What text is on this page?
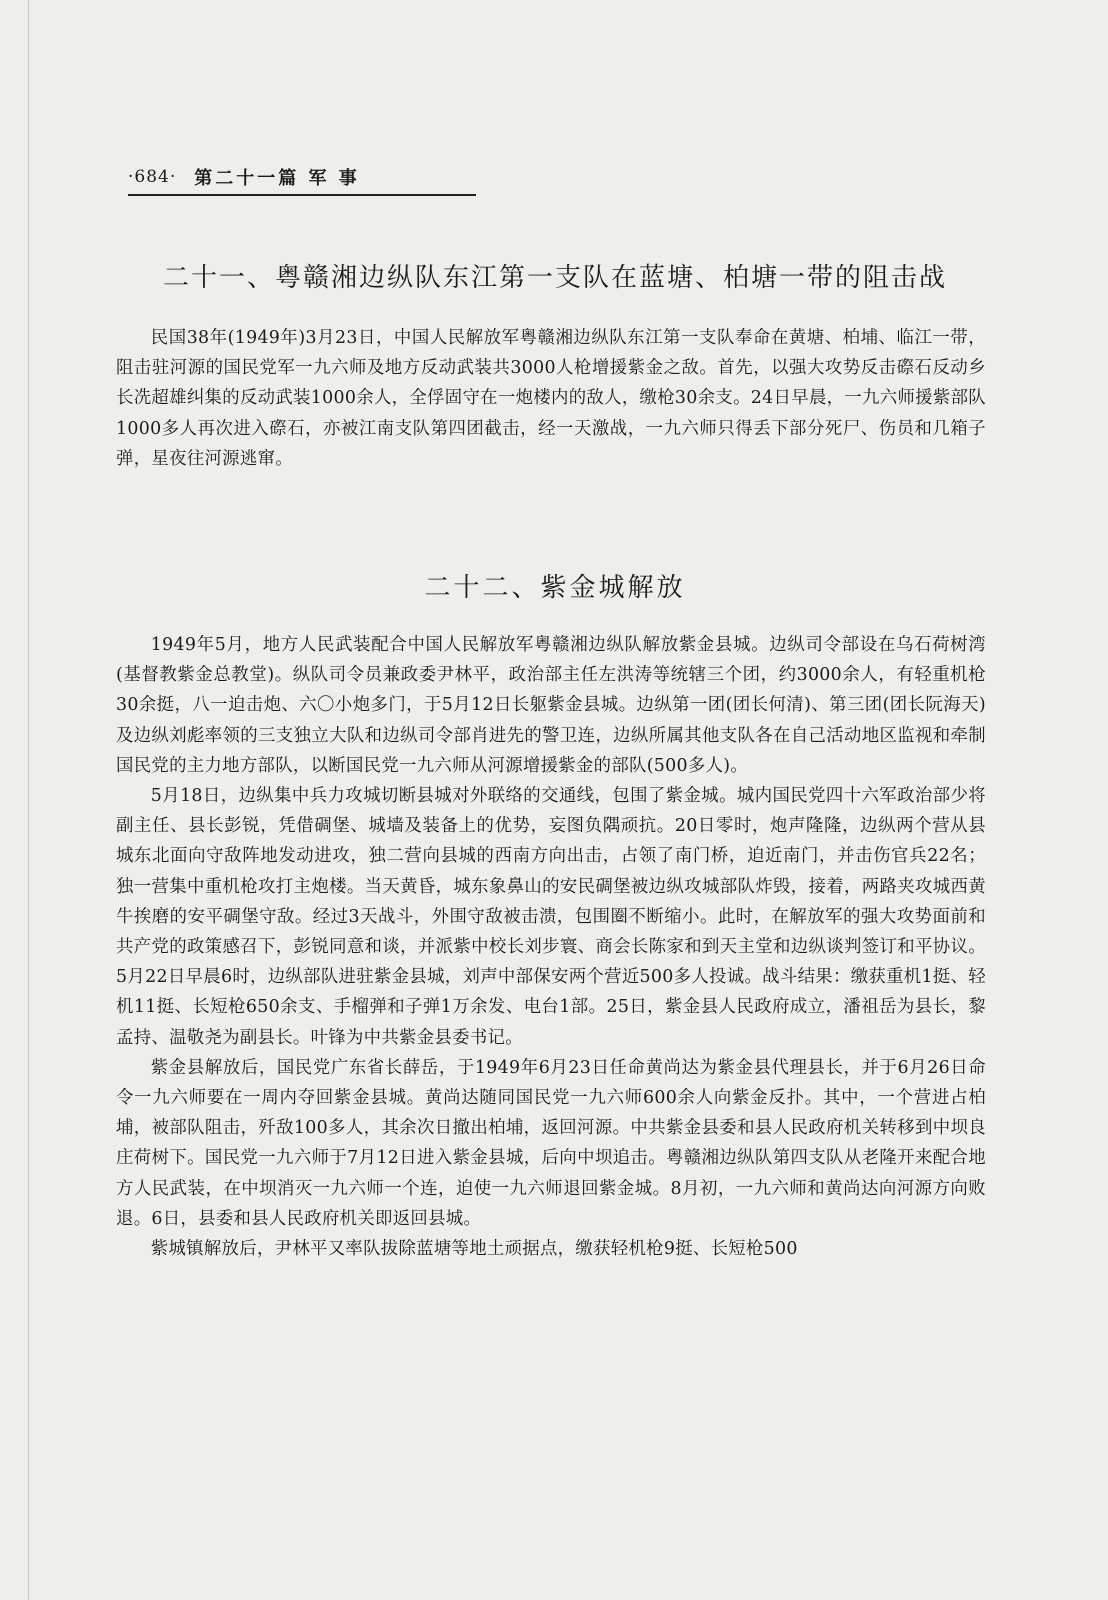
·684· 第二十一篇 军 事
二十一、粤赣湘边纵队东江第一支队在蓝塘、柏塘一带的阻击战

民国38年(1949年)3月23日，中国人民解放军粤赣湘边纵队东江第一支队奉命在黄塘、柏埔、临江一带，阻击驻河源的国民党军一九六师及地方反动武装共3000人枪增援紫金之敌。首先，以强大攻势反击磜石反动乡长冼超雄纠集的反动武装1000余人，全俘固守在一炮楼内的敌人，缴枪30余支。24日早晨，一九六师援紫部队1000多人再次进入磜石，亦被江南支队第四团截击，经一天激战，一九六师只得丢下部分死尸、伤员和几箱子弹，星夜往河源逃窜。

二十二、紫金城解放

1949年5月，地方人民武装配合中国人民解放军粤赣湘边纵队解放紫金县城。边纵司令部设在乌石荷树湾(基督教紫金总教堂)。纵队司令员兼政委尹林平，政治部主任左洪涛等统辖三个团，约3000余人，有轻重机枪30余挺，八一迫击炮、六〇小炮多门，于5月12日长躯紫金县城。边纵第一团(团长何清)、第三团(团长阮海天)及边纵刘彪率领的三支独立大队和边纵司令部肖进先的警卫连，边纵所属其他支队各在自己活动地区监视和牵制国民党的主力地方部队，以断国民党一九六师从河源增援紫金的部队(500多人)。

5月18日，边纵集中兵力攻城切断县城对外联络的交通线，包围了紫金城。城内国民党四十六军政治部少将副主任、县长彭锐，凭借碉堡、城墙及装备上的优势，妄图负隅顽抗。20日零时，炮声隆隆，边纵两个营从县城东北面向守敌阵地发动进攻，独二营向县城的西南方向出击，占领了南门桥，迫近南门，并击伤官兵22名；独一营集中重机枪攻打主炮楼。当天黄昏，城东象鼻山的安民碉堡被边纵攻城部队炸毁，接着，两路夹攻城西黄牛挨磨的安平碉堡守敌。经过3天战斗，外围守敌被击溃，包围圈不断缩小。此时，在解放军的强大攻势面前和共产党的政策感召下，彭锐同意和谈，并派紫中校长刘步寰、商会长陈家和到天主堂和边纵谈判签订和平协议。5月22日早晨6时，边纵部队进驻紫金县城，刘声中部保安两个营近500多人投诚。战斗结果：缴获重机1挺、轻机11挺、长短枪650余支、手榴弹和子弹1万余发、电台1部。25日，紫金县人民政府成立，潘祖岳为县长，黎孟持、温敬尧为副县长。叶锋为中共紫金县委书记。

紫金县解放后，国民党广东省长薛岳，于1949年6月23日任命黄尚达为紫金县代理县长，并于6月26日命令一九六师要在一周内夺回紫金县城。黄尚达随同国民党一九六师600余人向紫金反扑。其中，一个营进占柏埔，被部队阻击，歼敌100多人，其余次日撤出柏埔，返回河源。中共紫金县委和县人民政府机关转移到中坝良庄荷树下。国民党一九六师于7月12日进入紫金县城，后向中坝追击。粤赣湘边纵队第四支队从老隆开来配合地方人民武装，在中坝消灭一九六师一个连，迫使一九六师退回紫金城。8月初，一九六师和黄尚达向河源方向败退。6日，县委和县人民政府机关即返回县城。

紫城镇解放后，尹林平又率队拔除蓝塘等地土顽据点，缴获轻机枪9挺、长短枪500
